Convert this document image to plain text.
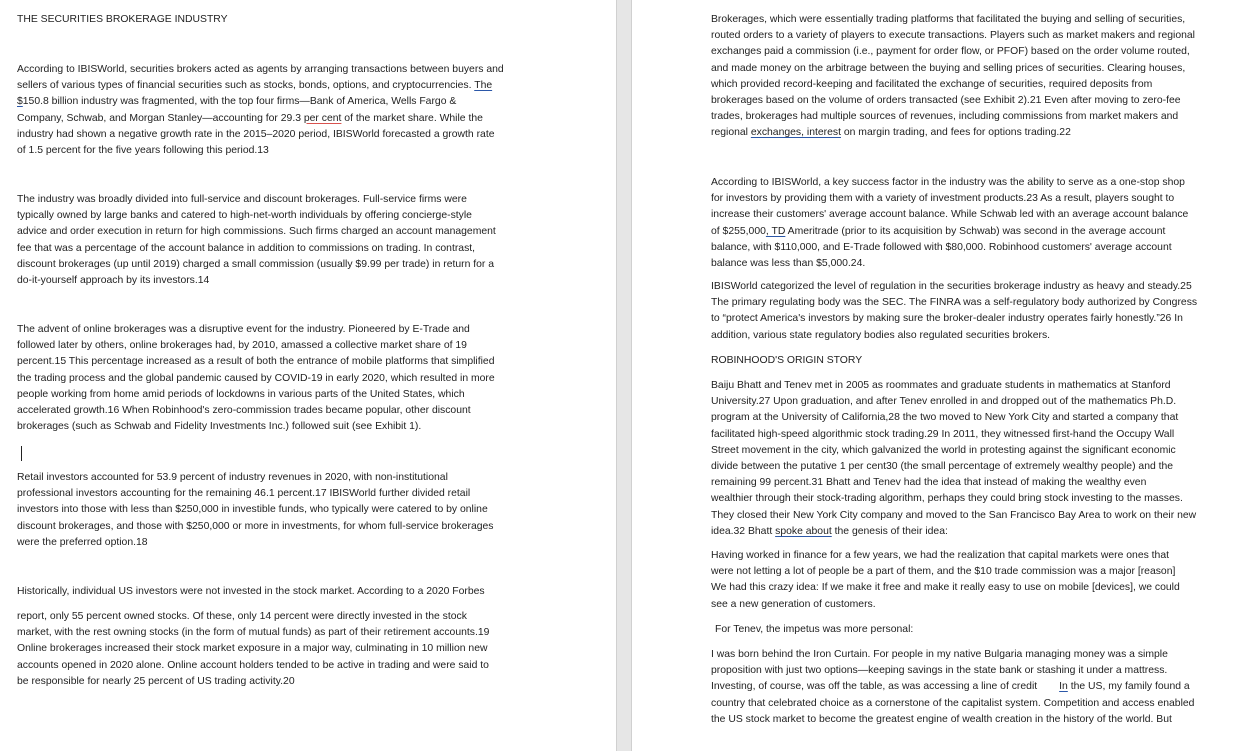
THE SECURITIES BROKERAGE INDUSTRY

According to IBISWorld, securities brokers acted as agents by arranging transactions between buyers and
sellers of various types of financial securities such as stocks, bonds, options, and cryptocurrencies. The
$150.8 billion industry was fragmented, with the top four firms—Bank of America, Wells Fargo &
Company, Schwab, and Morgan Stanley—accounting for 29.3 per cent of the market share. While the
industry had shown a negative growth rate in the 2015–2020 period, IBISWorld forecasted a growth rate
of 1.5 percent for the five years following this period.13

The industry was broadly divided into full-service and discount brokerages. Full-service firms were
typically owned by large banks and catered to high-net-worth individuals by offering concierge-style
advice and order execution in return for high commissions. Such firms charged an account management
fee that was a percentage of the account balance in addition to commissions on trading. In contrast,
discount brokerages (up until 2019) charged a small commission (usually $9.99 per trade) in return for a
do-it-yourself approach by its investors.14

The advent of online brokerages was a disruptive event for the industry. Pioneered by E-Trade and
followed later by others, online brokerages had, by 2010, amassed a collective market share of 19
percent.15 This percentage increased as a result of both the entrance of mobile platforms that simplified
the trading process and the global pandemic caused by COVID-19 in early 2020, which resulted in more
people working from home amid periods of lockdowns in various parts of the United States, which
accelerated growth.16 When Robinhood's zero-commission trades became popular, other discount
brokerages (such as Schwab and Fidelity Investments Inc.) followed suit (see Exhibit 1).

Retail investors accounted for 53.9 percent of industry revenues in 2020, with non-institutional
professional investors accounting for the remaining 46.1 percent.17 IBISWorld further divided retail
investors into those with less than $250,000 in investible funds, who typically were catered to by online
discount brokerages, and those with $250,000 or more in investments, for whom full-service brokerages
were the preferred option.18

Historically, individual US investors were not invested in the stock market. According to a 2020 Forbes

report, only 55 percent owned stocks. Of these, only 14 percent were directly invested in the stock
market, with the rest owning stocks (in the form of mutual funds) as part of their retirement accounts.19
Online brokerages increased their stock market exposure in a major way, culminating in 10 million new
accounts opened in 2020 alone. Online account holders tended to be active in trading and were said to
be responsible for nearly 25 percent of US trading activity.20

Brokerages, which were essentially trading platforms that facilitated the buying and selling of securities,
routed orders to a variety of players to execute transactions. Players such as market makers and regional
exchanges paid a commission (i.e., payment for order flow, or PFOF) based on the order volume routed,
and made money on the arbitrage between the buying and selling prices of securities. Clearing houses,
which provided record-keeping and facilitated the exchange of securities, required deposits from
brokerages based on the volume of orders transacted (see Exhibit 2).21 Even after moving to zero-fee
trades, brokerages had multiple sources of revenues, including commissions from market makers and
regional exchanges, interest on margin trading, and fees for options trading.22

According to IBISWorld, a key success factor in the industry was the ability to serve as a one-stop shop
for investors by providing them with a variety of investment products.23 As a result, players sought to
increase their customers' average account balance. While Schwab led with an average account balance
of $255,000, TD Ameritrade (prior to its acquisition by Schwab) was second in the average account
balance, with $110,000, and E-Trade followed with $80,000. Robinhood customers' average account
balance was less than $5,000.24.

IBISWorld categorized the level of regulation in the securities brokerage industry as heavy and steady.25
The primary regulating body was the SEC. The FINRA was a self-regulatory body authorized by Congress
to “protect America's investors by making sure the broker-dealer industry operates fairly honestly.”26 In
addition, various state regulatory bodies also regulated securities brokers.

ROBINHOOD'S ORIGIN STORY

Baiju Bhatt and Tenev met in 2005 as roommates and graduate students in mathematics at Stanford
University.27 Upon graduation, and after Tenev enrolled in and dropped out of the mathematics Ph.D.
program at the University of California,28 the two moved to New York City and started a company that
facilitated high-speed algorithmic stock trading.29 In 2011, they witnessed first-hand the Occupy Wall
Street movement in the city, which galvanized the world in protesting against the significant economic
divide between the putative 1 per cent30 (the small percentage of extremely wealthy people) and the
remaining 99 percent.31 Bhatt and Tenev had the idea that instead of making the wealthy even
wealthier through their stock-trading algorithm, perhaps they could bring stock investing to the masses.
They closed their New York City company and moved to the San Francisco Bay Area to work on their new
idea.32 Bhatt spoke about the genesis of their idea:

Having worked in finance for a few years, we had the realization that capital markets were ones that
were not letting a lot of people be a part of them, and the $10 trade commission was a major [reason]
We had this crazy idea: If we make it free and make it really easy to use on mobile [devices], we could
see a new generation of customers.

For Tenev, the impetus was more personal:

I was born behind the Iron Curtain. For people in my native Bulgaria managing money was a simple
proposition with just two options—keeping savings in the state bank or stashing it under a mattress.
Investing, of course, was off the table, as was accessing a line of credit In the US, my family found a
country that celebrated choice as a cornerstone of the capitalist system. Competition and access enabled
the US stock market to become the greatest engine of wealth creation in the history of the world. But
